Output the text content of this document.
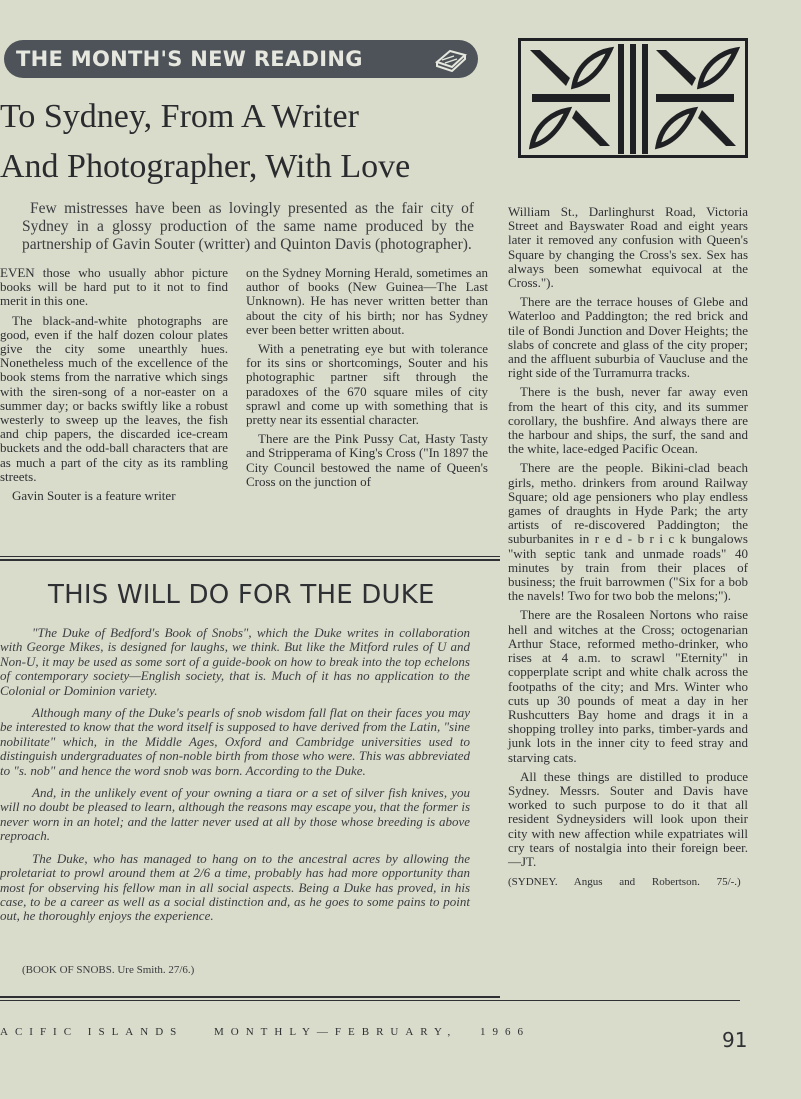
THE MONTH'S NEW READING
To Sydney, From A Writer
And Photographer, With Love
Few mistresses have been as lovingly presented as the fair city of Sydney in a glossy production of the same name produced by the partnership of Gavin Souter (writter) and Quinton Davis (photographer).

EVEN those who usually abhor picture books will be hard put to it not to find merit in this one.

The black-and-white photographs are good, even if the half dozen colour plates give the city some unearthly hues. Nonetheless much of the excellence of the book stems from the narrative which sings with the siren-song of a nor-easter on a summer day; or backs swiftly like a robust westerly to sweep up the leaves, the fish and chip papers, the discarded ice-cream buckets and the odd-ball characters that are as much a part of the city as its rambling streets.

Gavin Souter is a feature writer

on the Sydney Morning Herald, sometimes an author of books (New Guinea—The Last Unknown). He has never written better than about the city of his birth; nor has Sydney ever been better written about.

With a penetrating eye but with tolerance for its sins or shortcomings, Souter and his photographic partner sift through the paradoxes of the 670 square miles of city sprawl and come up with something that is pretty near its essential character.

There are the Pink Pussy Cat, Hasty Tasty and Stripperama of King's Cross ("In 1897 the City Council bestowed the name of Queen's Cross on the junction of

William St., Darlinghurst Road, Victoria Street and Bayswater Road and eight years later it removed any confusion with Queen's Square by changing the Cross's sex. Sex has always been somewhat equivocal at the Cross.").

There are the terrace houses of Glebe and Waterloo and Paddington; the red brick and tile of Bondi Junction and Dover Heights; the slabs of concrete and glass of the city proper; and the affluent suburbia of Vaucluse and the right side of the Turramurra tracks.

There is the bush, never far away even from the heart of this city, and its summer corollary, the bushfire. And always there are the harbour and ships, the surf, the sand and the white, lace-edged Pacific Ocean.

There are the people. Bikini-clad beach girls, metho. drinkers from around Railway Square; old age pensioners who play endless games of draughts in Hyde Park; the arty artists of re-discovered Paddington; the suburbanites in r e d - b r i c k bungalows "with septic tank and unmade roads" 40 minutes by train from their places of business; the fruit barrowmen ("Six for a bob the navels! Two for two bob the melons;").

There are the Rosaleen Nortons who raise hell and witches at the Cross; octogenarian Arthur Stace, reformed metho-drinker, who rises at 4 a.m. to scrawl "Eternity" in copperplate script and white chalk across the footpaths of the city; and Mrs. Winter who cuts up 30 pounds of meat a day in her Rushcutters Bay home and drags it in a shopping trolley into parks, timber-yards and junk lots in the inner city to feed stray and starving cats.

All these things are distilled to produce Sydney. Messrs. Souter and Davis have worked to such purpose to do it that all resident Sydneysiders will look upon their city with new affection while expatriates will cry tears of nostalgia into their foreign beer.—JT.

(SYDNEY. Angus and Robertson. 75/-.)
THIS WILL DO FOR THE DUKE

"The Duke of Bedford's Book of Snobs", which the Duke writes in collaboration with George Mikes, is designed for laughs, we think. But like the Mitford rules of U and Non-U, it may be used as some sort of a guide-book on how to break into the top echelons of contemporary society—English society, that is. Much of it has no application to the Colonial or Dominion variety.

Although many of the Duke's pearls of snob wisdom fall flat on their faces you may be interested to know that the word itself is supposed to have derived from the Latin, "sine nobilitate" which, in the Middle Ages, Oxford and Cambridge universities used to distinguish undergraduates of non-noble birth from those who were. This was abbreviated to "s. nob" and hence the word snob was born. According to the Duke.

And, in the unlikely event of your owning a tiara or a set of silver fish knives, you will no doubt be pleased to learn, although the reasons may escape you, that the former is never worn in an hotel; and the latter never used at all by those whose breeding is above reproach.

The Duke, who has managed to hang on to the ancestral acres by allowing the proletariat to prowl around them at 2/6 a time, probably has had more opportunity than most for observing his fellow man in all social aspects. Being a Duke has proved, in his case, to be a career as well as a social distinction and, as he goes to some pains to point out, he thoroughly enjoys the experience.

(BOOK OF SNOBS. Ure Smith. 27/6.)
ACIFIC ISLANDS	MONTHLY—FEBRUARY, 1966	91
